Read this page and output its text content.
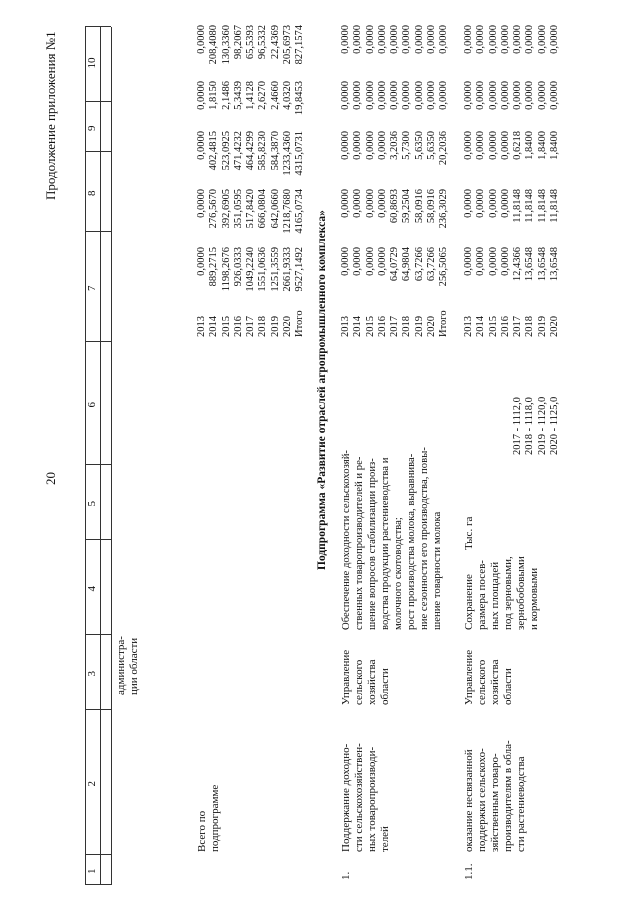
20
Продолжение приложения №1
администра-
ции области
Всего по
подпрограмме
2013 2014 2015 2016 2017 2018 2019 2020 Итого
0,0000 889,2715 1198,2676 926,0333 1049,2240 1551,0636 1251,3559 2661,9333 9527,1492
0,0000 276,5670 392,6905 351,0595 517,8420 666,0804 642,0660 1218,7680 4165,0734
0,0000 402,4815 523,0925 471,4232 464,4299 585,8230 584,3870 1233,4360 4315,0731
0,0000 1,8150 2,1486 5,3439 1,4128 2,6270 2,4660 4,0320 19,8453
0,0000 208,4080 130,3360 98,2067 65,5393 96,5332 22,4369 205,6973 827,1574
Подпрограмма «Развитие отраслей агропромышленного комплекса»
1.
Поддержание доходно-
сти сельскохозяйствен-
ных товаропроизводи-
телей
Управление
сельского
хозяйства
области
Обеспечение доходности сельскохозяй-
ственных товаропроизводителей и ре-
шение вопросов стабилизации произ-
водства продукции растениеводства и
молочного скотоводства;
рост производства молока, выравнива-
ние сезонности его производства, повы-
шение товарности молока
2013 2014 2015 2016 2017 2018 2019 2020 Итого
0,0000 0,0000 0,0000 0,0000 64,0729 64,9804 63,7266 63,7266 256,5065
0,0000 0,0000 0,0000 0,0000 60,8693 59,2504 58,0916 58,0916 236,3029
0,0000 0,0000 0,0000 0,0000 3,2036 5,7300 5,6350 5,6350 20,2036
0,0000 0,0000 0,0000 0,0000 0,0000 0,0000 0,0000 0,0000 0,0000
0,0000 0,0000 0,0000 0,0000 0,0000 0,0000 0,0000 0,0000 0,0000
1.1.
оказание несвязанной
поддержки сельскохо-
зяйственным товаро-
производителям в обла-
сти растениеводства
Управление
сельского
хозяйства
области
Сохранение
размера посев-
ных площадей
под зерновыми,
зернобобовыми
и кормовыми
Тыс. га
2017 - 1112,0 2018 - 1118,0 2019 - 1120,0 2020 - 1125,0
2013 2014 2015 2016 2017 2018 2019 2020
0,0000 0,0000 0,0000 0,0000 12,4366 13,6548 13,6548 13,6548
0,0000 0,0000 0,0000 0,0000 11,8148 11,8148 11,8148 11,8148
0,0000 0,0000 0,0000 0,0000 0,6218 1,8400 1,8400 1,8400
0,0000 0,0000 0,0000 0,0000 0,0000 0,0000 0,0000 0,0000
0,0000 0,0000 0,0000 0,0000 0,0000 0,0000 0,0000 0,0000
1
2
3
4
5
6
7
8
9
10
